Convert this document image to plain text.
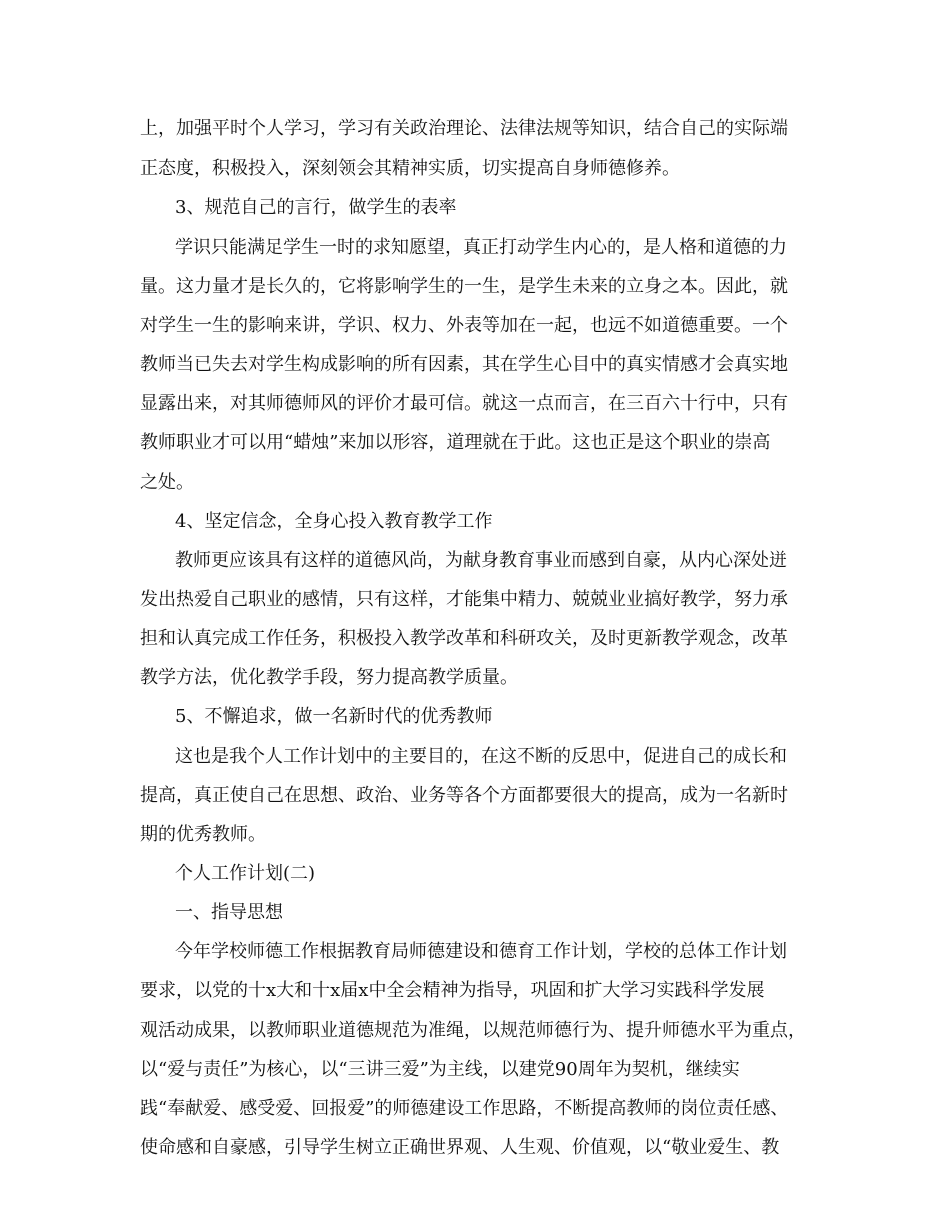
上，加强平时个人学习，学习有关政治理论、法律法规等知识，结合自己的实际端

正态度，积极投入，深刻领会其精神实质，切实提高自身师德修养。

3、规范自己的言行，做学生的表率

学识只能满足学生一时的求知愿望，真正打动学生内心的，是人格和道德的力

量。这力量才是长久的，它将影响学生的一生，是学生未来的立身之本。因此，就

对学生一生的影响来讲，学识、权力、外表等加在一起，也远不如道德重要。一个

教师当已失去对学生构成影响的所有因素，其在学生心目中的真实情感才会真实地

显露出来，对其师德师风的评价才最可信。就这一点而言，在三百六十行中，只有

教师职业才可以用“蜡烛”来加以形容，道理就在于此。这也正是这个职业的崇高

之处。

4、坚定信念，全身心投入教育教学工作

教师更应该具有这样的道德风尚，为献身教育事业而感到自豪，从内心深处迸

发出热爱自己职业的感情，只有这样，才能集中精力、兢兢业业搞好教学，努力承

担和认真完成工作任务，积极投入教学改革和科研攻关，及时更新教学观念，改革

教学方法，优化教学手段，努力提高教学质量。

5、不懈追求，做一名新时代的优秀教师

这也是我个人工作计划中的主要目的，在这不断的反思中，促进自己的成长和

提高，真正使自己在思想、政治、业务等各个方面都要很大的提高，成为一名新时

期的优秀教师。

个人工作计划(二)

一、指导思想

今年学校师德工作根据教育局师德建设和德育工作计划，学校的总体工作计划

要求，以党的十x大和十x届x中全会精神为指导，巩固和扩大学习实践科学发展

观活动成果，以教师职业道德规范为准绳，以规范师德行为、提升师德水平为重点，

以“爱与责任”为核心，以“三讲三爱”为主线，以建党90周年为契机，继续实

践“奉献爱、感受爱、回报爱”的师德建设工作思路，不断提高教师的岗位责任感、

使命感和自豪感，引导学生树立正确世界观、人生观、价值观，以“敬业爱生、教
